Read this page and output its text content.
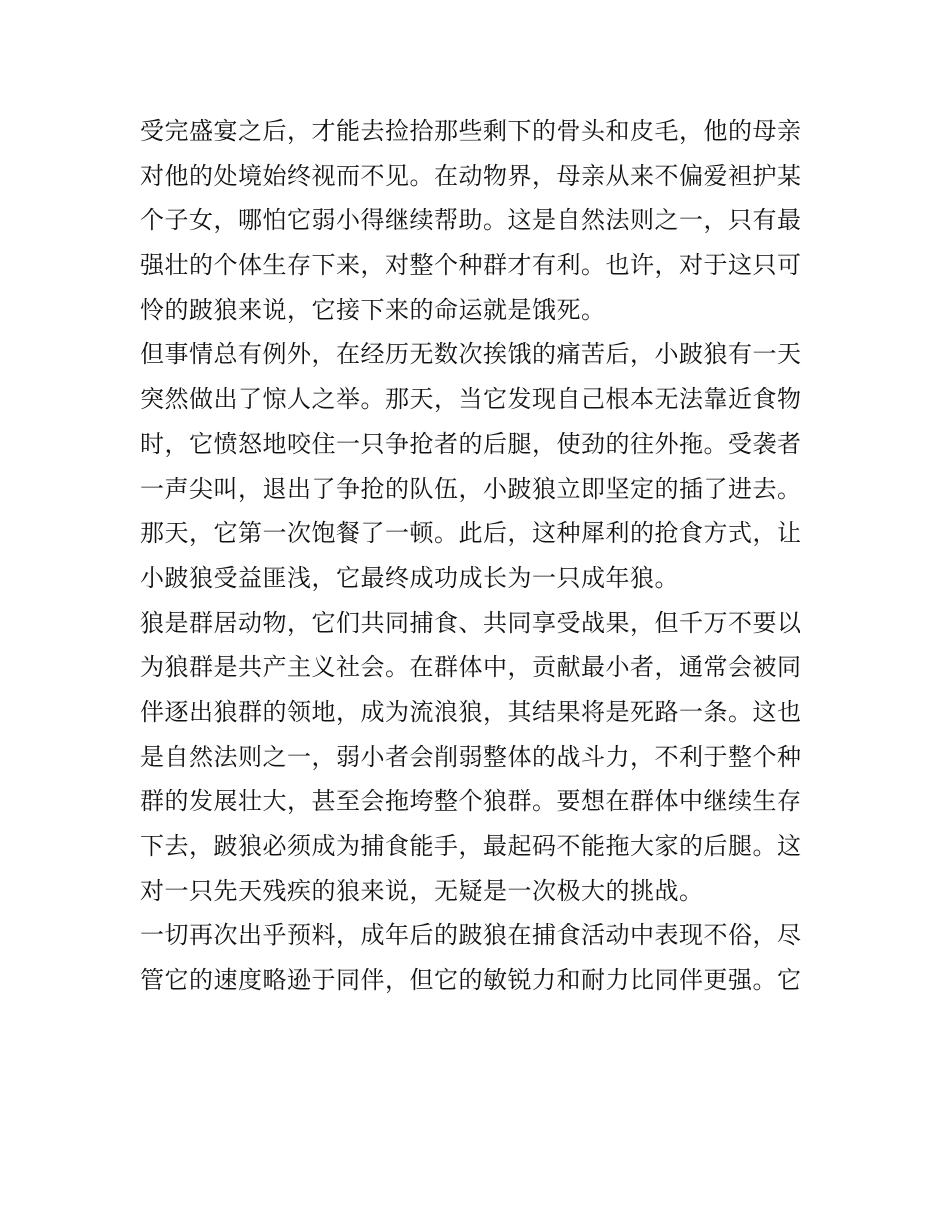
受完盛宴之后，才能去捡拾那些剩下的骨头和皮毛，他的母亲
对他的处境始终视而不见。在动物界，母亲从来不偏爱袒护某
个子女，哪怕它弱小得继续帮助。这是自然法则之一，只有最
强壮的个体生存下来，对整个种群才有利。也许，对于这只可
怜的跛狼来说，它接下来的命运就是饿死。
但事情总有例外，在经历无数次挨饿的痛苦后，小跛狼有一天
突然做出了惊人之举。那天，当它发现自己根本无法靠近食物
时，它愤怒地咬住一只争抢者的后腿，使劲的往外拖。受袭者
一声尖叫，退出了争抢的队伍，小跛狼立即坚定的插了进去。
那天，它第一次饱餐了一顿。此后，这种犀利的抢食方式，让
小跛狼受益匪浅，它最终成功成长为一只成年狼。
狼是群居动物，它们共同捕食、共同享受战果，但千万不要以
为狼群是共产主义社会。在群体中，贡献最小者，通常会被同
伴逐出狼群的领地，成为流浪狼，其结果将是死路一条。这也
是自然法则之一，弱小者会削弱整体的战斗力，不利于整个种
群的发展壮大，甚至会拖垮整个狼群。要想在群体中继续生存
下去，跛狼必须成为捕食能手，最起码不能拖大家的后腿。这
对一只先天残疾的狼来说，无疑是一次极大的挑战。
一切再次出乎预料，成年后的跛狼在捕食活动中表现不俗，尽
管它的速度略逊于同伴，但它的敏锐力和耐力比同伴更强。它
